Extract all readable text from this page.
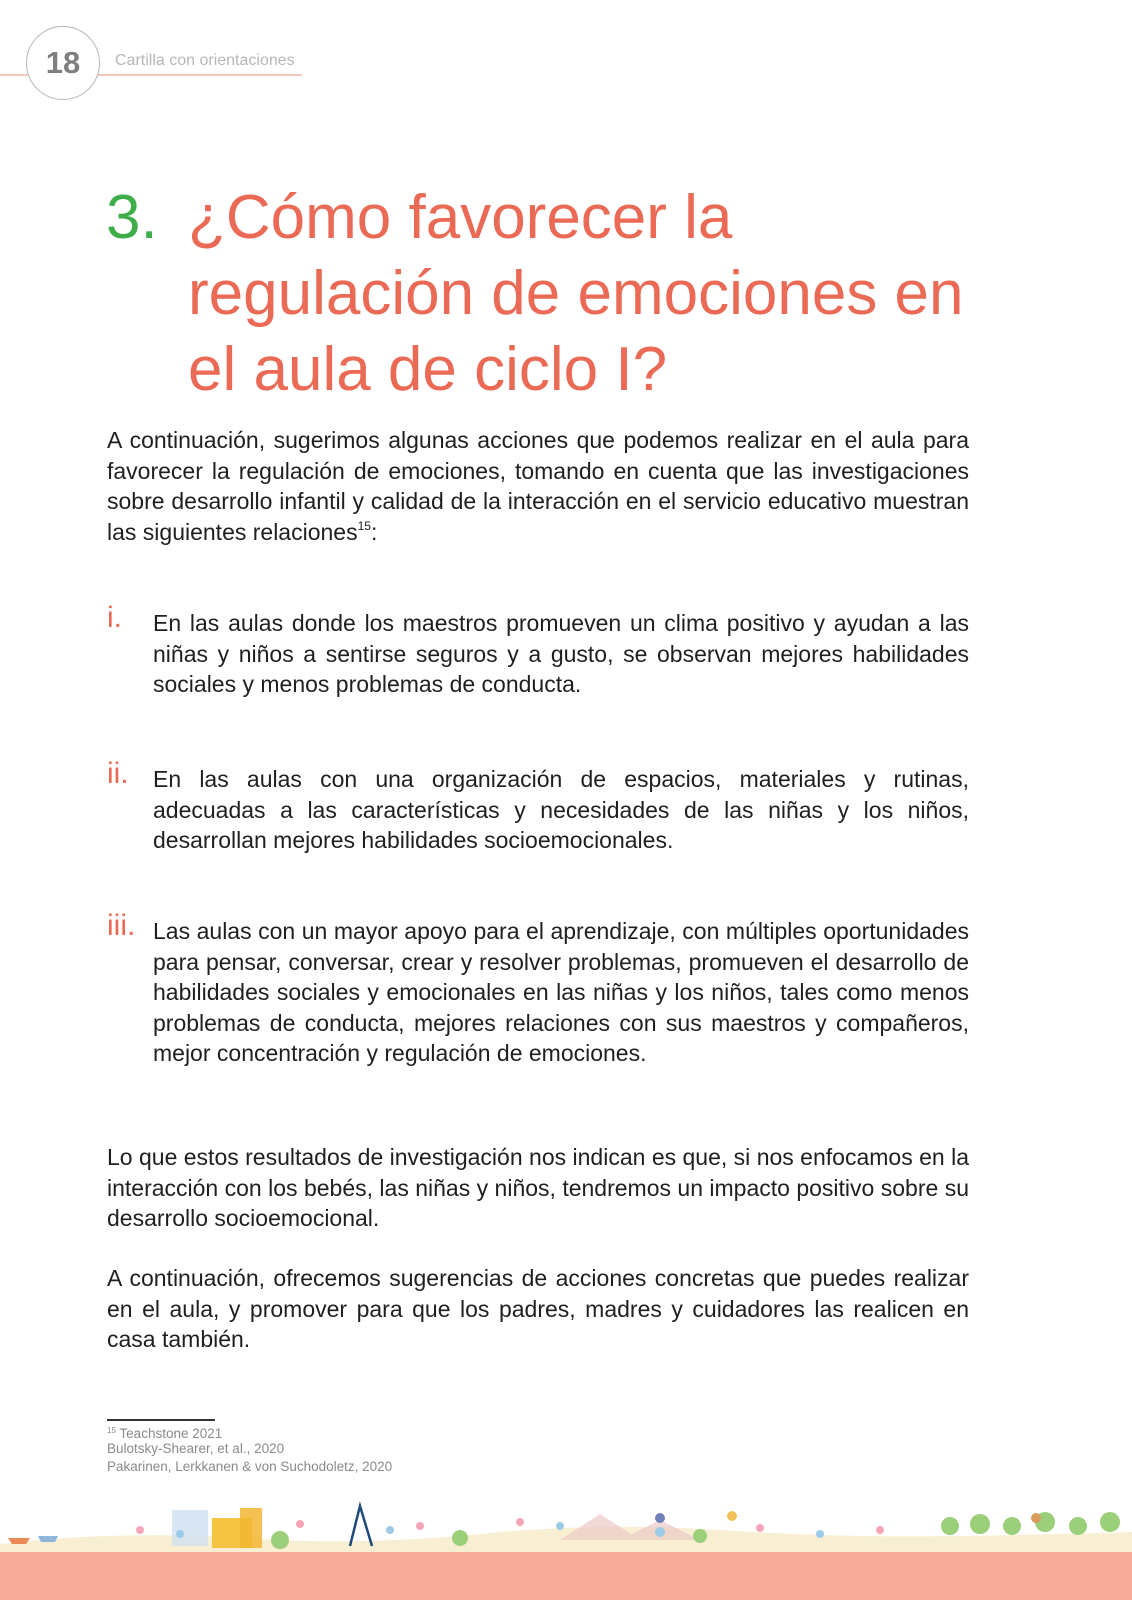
18	Cartilla con orientaciones
3. ¿Cómo favorecer la regulación de emociones en el aula de ciclo I?

A continuación, sugerimos algunas acciones que podemos realizar en el aula para favorecer la regulación de emociones, tomando en cuenta que las investigaciones sobre desarrollo infantil y calidad de la interacción en el servicio educativo muestran las siguientes relaciones$^{15}$:

i. En las aulas donde los maestros promueven un clima positivo y ayudan a las niñas y niños a sentirse seguros y a gusto, se observan mejores habilidades sociales y menos problemas de conducta.

ii. En las aulas con una organización de espacios, materiales y rutinas, adecuadas a las características y necesidades de las niñas y los niños, desarrollan mejores habilidades socioemocionales.

iii. Las aulas con un mayor apoyo para el aprendizaje, con múltiples oportunidades para pensar, conversar, crear y resolver problemas, promueven el desarrollo de habilidades sociales y emocionales en las niñas y los niños, tales como menos problemas de conducta, mejores relaciones con sus maestros y compañeros, mejor concentración y regulación de emociones.

Lo que estos resultados de investigación nos indican es que, si nos enfocamos en la interacción con los bebés, las niñas y niños, tendremos un impacto positivo sobre su desarrollo socioemocional.

A continuación, ofrecemos sugerencias de acciones concretas que puedes realizar en el aula, y promover para que los padres, madres y cuidadores las realicen en casa también.

$^{15}$ Teachstone 2021
Bulotsky-Shearer, et al., 2020
Pakarinen, Lerkkanen & von Suchodoletz, 2020
